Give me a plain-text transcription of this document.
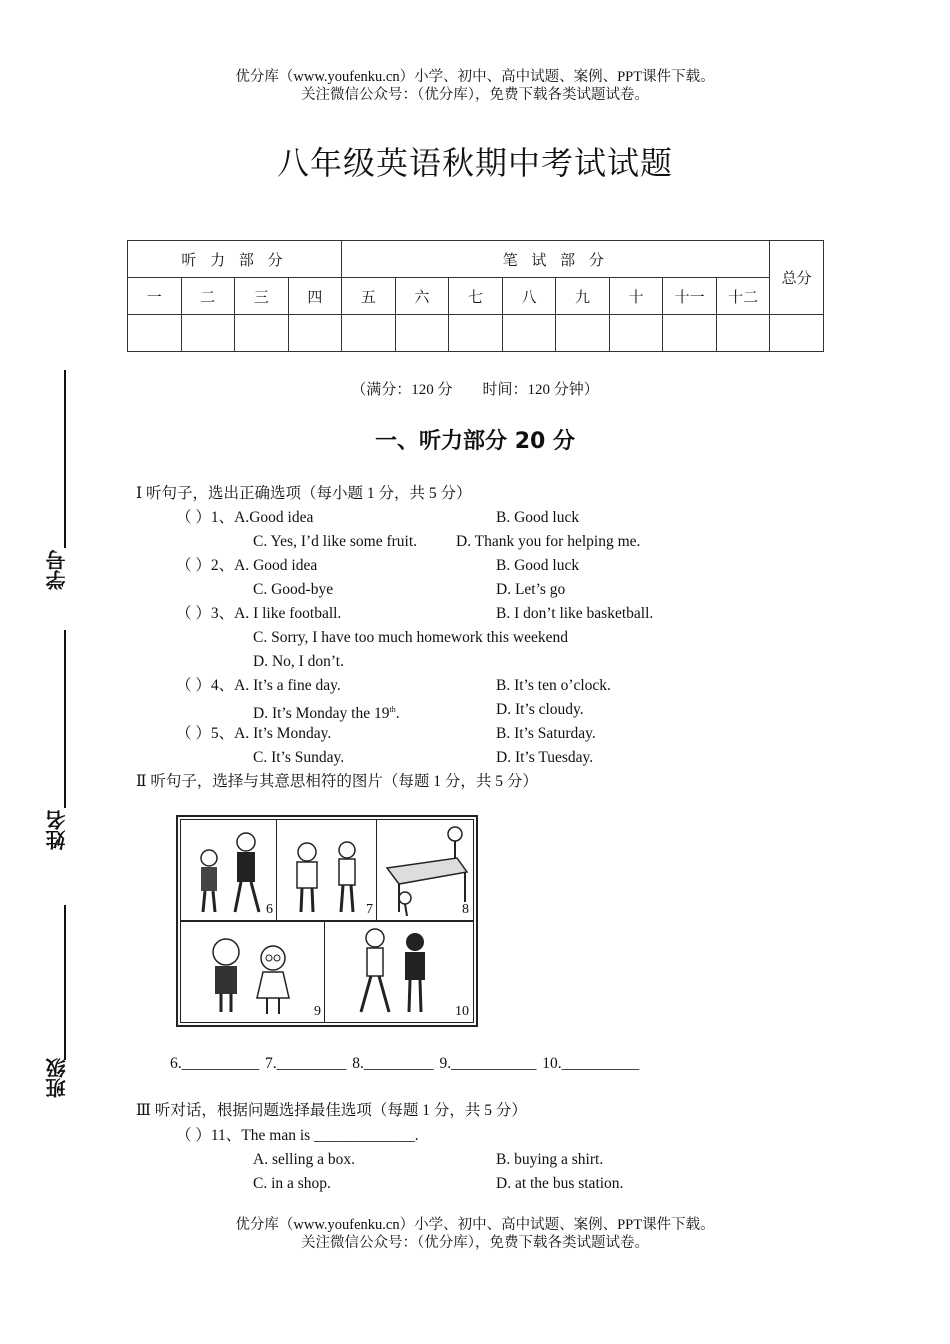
优分库（www.youfenku.cn）小学、初中、高中试题、案例、PPT课件下载。
关注微信公众号：（优分库），免费下载各类试题试卷。
八年级英语秋期中考试试题
听 力 部 分				笔 试 部 分								总分
一	二	三	四	五	六	七	八	九	十	十一	十二	

（满分：120 分        时间：120 分钟）
一、听力部分 20 分
学号
姓名
班级
Ⅰ 听句子，选出正确选项（每小题 1 分，共 5 分）
（ ）1、A.Good idea	B. Good luck
C. Yes, I’d like some fruit.	D. Thank you for helping me.
（ ）2、A. Good idea	B. Good luck
C. Good-bye	D. Let’s go
（ ）3、A. I like football.	B. I don’t like basketball.
C. Sorry, I have too much homework this weekend
D. No, I don’t.
（ ）4、A. It’s a fine day.	B. It’s ten o’clock.
D. It’s Monday the 19th.	D. It’s cloudy.
（ ）5、A. It’s Monday.	B. It’s Saturday.
C. It’s Sunday.	D. It’s Tuesday.
Ⅱ 听句子，选择与其意思相符的图片（每题 1 分，共 5 分）
6	7	8
9	10
6.__________ 7._________ 8._________ 9.___________ 10.__________
Ⅲ 听对话，根据问题选择最佳选项（每题 1 分，共 5 分）
（ ）11、The man is _____________.
A. selling a box.	B. buying a shirt.
C. in a shop.	D. at the bus station.
优分库（www.youfenku.cn）小学、初中、高中试题、案例、PPT课件下载。
关注微信公众号：（优分库），免费下载各类试题试卷。
